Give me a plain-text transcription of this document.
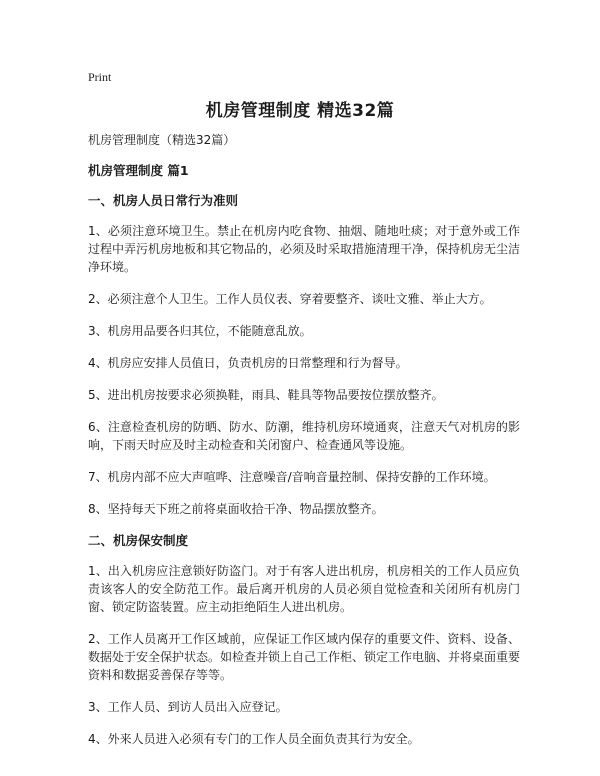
Print
机房管理制度 精选32篇

机房管理制度（精选32篇）

机房管理制度 篇1

一、机房人员日常行为准则

1、必须注意环境卫生。禁止在机房内吃食物、抽烟、随地吐痰；对于意外或工作过程中弄污机房地板和其它物品的，必须及时采取措施清理干净，保持机房无尘洁净环境。

2、必须注意个人卫生。工作人员仪表、穿着要整齐、谈吐文雅、举止大方。

3、机房用品要各归其位，不能随意乱放。

4、机房应安排人员值日，负责机房的日常整理和行为督导。

5、进出机房按要求必须换鞋，雨具、鞋具等物品要按位摆放整齐。

6、注意检查机房的防晒、防水、防潮，维持机房环境通爽，注意天气对机房的影响，下雨天时应及时主动检查和关闭窗户、检查通风等设施。

7、机房内部不应大声喧哗、注意噪音/音响音量控制、保持安静的工作环境。

8、坚持每天下班之前将桌面收拾干净、物品摆放整齐。

二、机房保安制度

1、出入机房应注意锁好防盗门。对于有客人进出机房，机房相关的工作人员应负责该客人的安全防范工作。最后离开机房的人员必须自觉检查和关闭所有机房门窗、锁定防盗装置。应主动拒绝陌生人进出机房。

2、工作人员离开工作区域前，应保证工作区域内保存的重要文件、资料、设备、数据处于安全保护状态。如检查并锁上自己工作柜、锁定工作电脑、并将桌面重要资料和数据妥善保存等等。

3、工作人员、到访人员出入应登记。

4、外来人员进入必须有专门的工作人员全面负责其行为安全。
